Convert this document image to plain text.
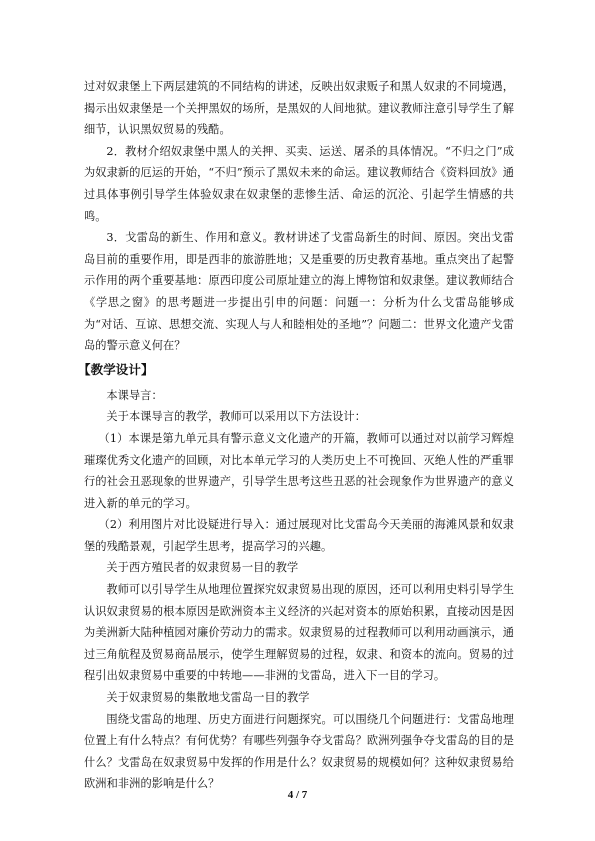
过对奴隶堡上下两层建筑的不同结构的讲述，反映出奴隶贩子和黑人奴隶的不同境遇，揭示出奴隶堡是一个关押黑奴的场所，是黑奴的人间地狱。建议教师注意引导学生了解细节，认识黑奴贸易的残酷。

2．教材介绍奴隶堡中黑人的关押、买卖、运送、屠杀的具体情况。“不归之门”成为奴隶新的厄运的开始，“不归”预示了黑奴未来的命运。建议教师结合《资料回放》通过具体事例引导学生体验奴隶在奴隶堡的悲惨生活、命运的沉沦、引起学生情感的共鸣。

3．戈雷岛的新生、作用和意义。教材讲述了戈雷岛新生的时间、原因。突出戈雷岛目前的重要作用，即是西非的旅游胜地；又是重要的历史教育基地。重点突出了起警示作用的两个重要基地：原西印度公司原址建立的海上博物馆和奴隶堡。建议教师结合《学思之窗》的思考题进一步提出引申的问题：问题一：分析为什么戈雷岛能够成为“对话、互谅、思想交流、实现人与人和睦相处的圣地”？问题二：世界文化遗产戈雷岛的警示意义何在？

【教学设计】

本课导言：

关于本课导言的教学，教师可以采用以下方法设计：

（1）本课是第九单元具有警示意义文化遗产的开篇，教师可以通过对以前学习辉煌璀璨优秀文化遗产的回顾，对比本单元学习的人类历史上不可挽回、灭绝人性的严重罪行的社会丑恶现象的世界遗产，引导学生思考这些丑恶的社会现象作为世界遗产的意义进入新的单元的学习。

（2）利用图片对比设疑进行导入：通过展现对比戈雷岛今天美丽的海滩风景和奴隶堡的残酷景观，引起学生思考，提高学习的兴趣。

关于西方殖民者的奴隶贸易一目的教学

教师可以引导学生从地理位置探究奴隶贸易出现的原因，还可以利用史料引导学生认识奴隶贸易的根本原因是欧洲资本主义经济的兴起对资本的原始积累，直接动因是因为美洲新大陆种植园对廉价劳动力的需求。奴隶贸易的过程教师可以利用动画演示，通过三角航程及贸易商品展示，使学生理解贸易的过程，奴隶、和资本的流向。贸易的过程引出奴隶贸易中重要的中转地——非洲的戈雷岛，进入下一目的学习。

关于奴隶贸易的集散地戈雷岛一目的教学

围绕戈雷岛的地理、历史方面进行问题探究。可以围绕几个问题进行：戈雷岛地理位置上有什么特点？有何优势？有哪些列强争夺戈雷岛？欧洲列强争夺戈雷岛的目的是什么？戈雷岛在奴隶贸易中发挥的作用是什么？奴隶贸易的规模如何？这种奴隶贸易给欧洲和非洲的影响是什么？

4 / 7
